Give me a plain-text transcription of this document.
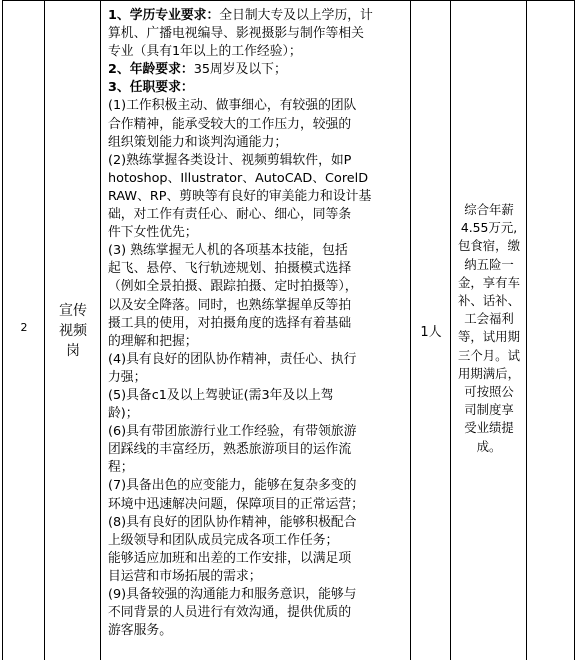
2
宣传
视频
岗
1、学历专业要求：全日制大专及以上学历，计
算机、广播电视编导、影视摄影与制作等相关
专业（具有1年以上的工作经验）；
2、年龄要求：35周岁及以下；
3、任职要求：
(1)工作积极主动、做事细心，有较强的团队
合作精神，能承受较大的工作压力，较强的
组织策划能力和谈判沟通能力；
(2)熟练掌握各类设计、视频剪辑软件，如P
hotoshop、Illustrator、AutoCAD、CorelD
RAW、RP、剪映等有良好的审美能力和设计基
础，对工作有责任心、耐心、细心，同等条
件下女性优先；
(3) 熟练掌握无人机的各项基本技能，包括
起飞、悬停、飞行轨迹规划、拍摄模式选择
（例如全景拍摄、跟踪拍摄、定时拍摄等），
以及安全降落。同时，也熟练掌握单反等拍
摄工具的使用，对拍摄角度的选择有着基础
的理解和把握；
(4)具有良好的团队协作精神，责任心、执行
力强；
(5)具备c1及以上驾驶证(需3年及以上驾
龄)；
(6)具有带团旅游行业工作经验，有带领旅游
团踩线的丰富经历，熟悉旅游项目的运作流
程；
(7)具备出色的应变能力，能够在复杂多变的
环境中迅速解决问题，保障项目的正常运营；
(8)具有良好的团队协作精神，能够积极配合
上级领导和团队成员完成各项工作任务；
能够适应加班和出差的工作安排，以满足项
目运营和市场拓展的需求；
(9)具备较强的沟通能力和服务意识，能够与
不同背景的人员进行有效沟通，提供优质的
游客服务。
1人
综合年薪
4.55万元,
包食宿，缴
纳五险一
金，享有车
补、话补、
工会福利
等，试用期
三个月。试
用期满后，
可按照公
司制度享
受业绩提
成。
